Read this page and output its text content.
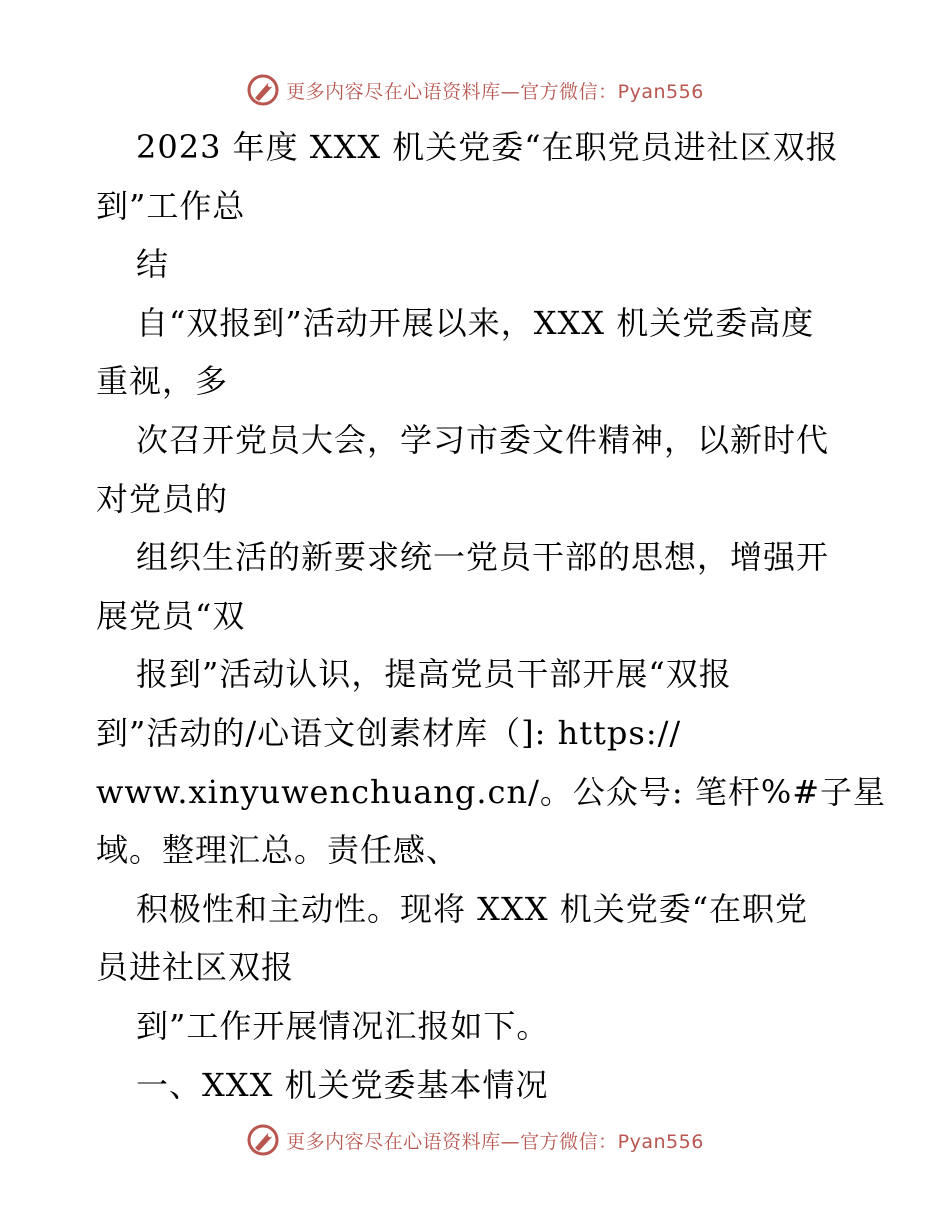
更多内容尽在心语资料库—官方微信：Pyan556
2023 年度 XXX 机关党委“在职党员进社区双报
到”工作总
结
自“双报到”活动开展以来，XXX 机关党委高度
重视，多
次召开党员大会，学习市委文件精神，以新时代
对党员的
组织生活的新要求统一党员干部的思想，增强开
展党员“双
报到”活动认识，提高党员干部开展“双报
到”活动的/心语文创素材库（]: https://
www.xinyuwenchuang.cn/。公众号: 笔杆%#子星
域。整理汇总。责任感、
积极性和主动性。现将 XXX 机关党委“在职党
员进社区双报
到”工作开展情况汇报如下。
一、XXX 机关党委基本情况
更多内容尽在心语资料库—官方微信：Pyan556
